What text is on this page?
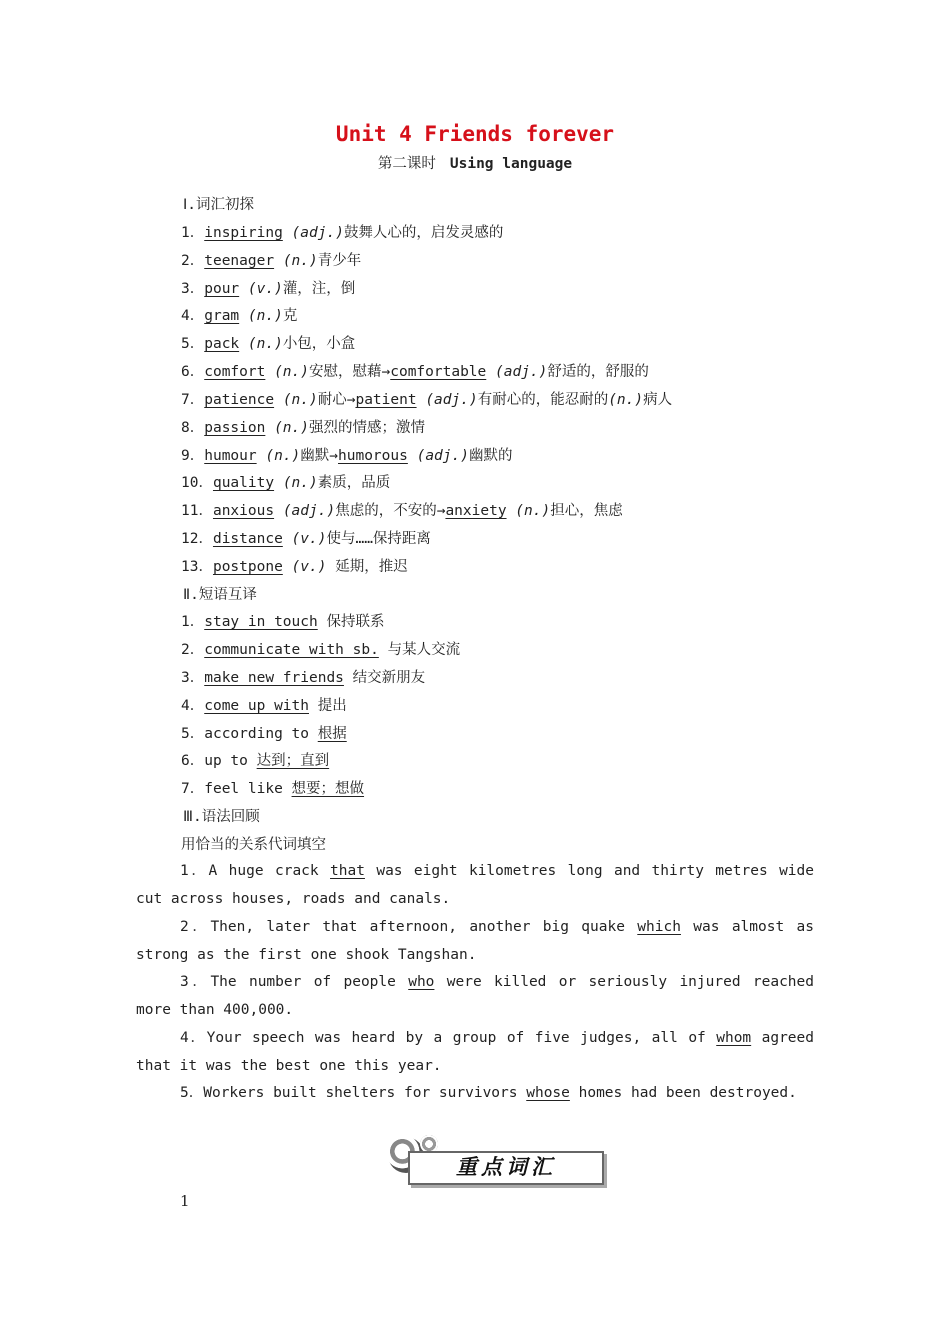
Unit 4 Friends forever
第二课时 Using language
Ⅰ.词汇初探
1．inspiring (adj.)鼓舞人心的，启发灵感的
2．teenager (n.)青少年
3．pour (v.)灌，注，倒
4．gram (n.)克
5．pack (n.)小包，小盒
6．comfort (n.)安慰，慰藉→comfortable (adj.)舒适的，舒服的
7．patience (n.)耐心→patient (adj.)有耐心的，能忍耐的(n.)病人
8．passion (n.)强烈的情感；激情
9．humour (n.)幽默→humorous (adj.)幽默的
10．quality (n.)素质，品质
11．anxious (adj.)焦虑的，不安的→anxiety (n.)担心，焦虑
12．distance (v.)使与……保持距离
13．postpone (v.) 延期，推迟
Ⅱ.短语互译
1．stay in touch 保持联系
2．communicate with sb. 与某人交流
3．make new friends 结交新朋友
4．come up with 提出
5．according to 根据
6．up to 达到；直到
7．feel like 想要；想做
Ⅲ.语法回顾
用恰当的关系代词填空
1．A huge crack that was eight kilometres long and thirty metres wide cut across houses, roads and canals.
2．Then, later that afternoon, another big quake which was almost as strong as the first one shook Tangshan.
3．The number of people who were killed or seriously injured reached more than 400,000.
4．Your speech was heard by a group of five judges, all of whom agreed that it was the best one this year.
5．Workers built shelters for survivors whose homes had been destroyed.
重点词汇
1
